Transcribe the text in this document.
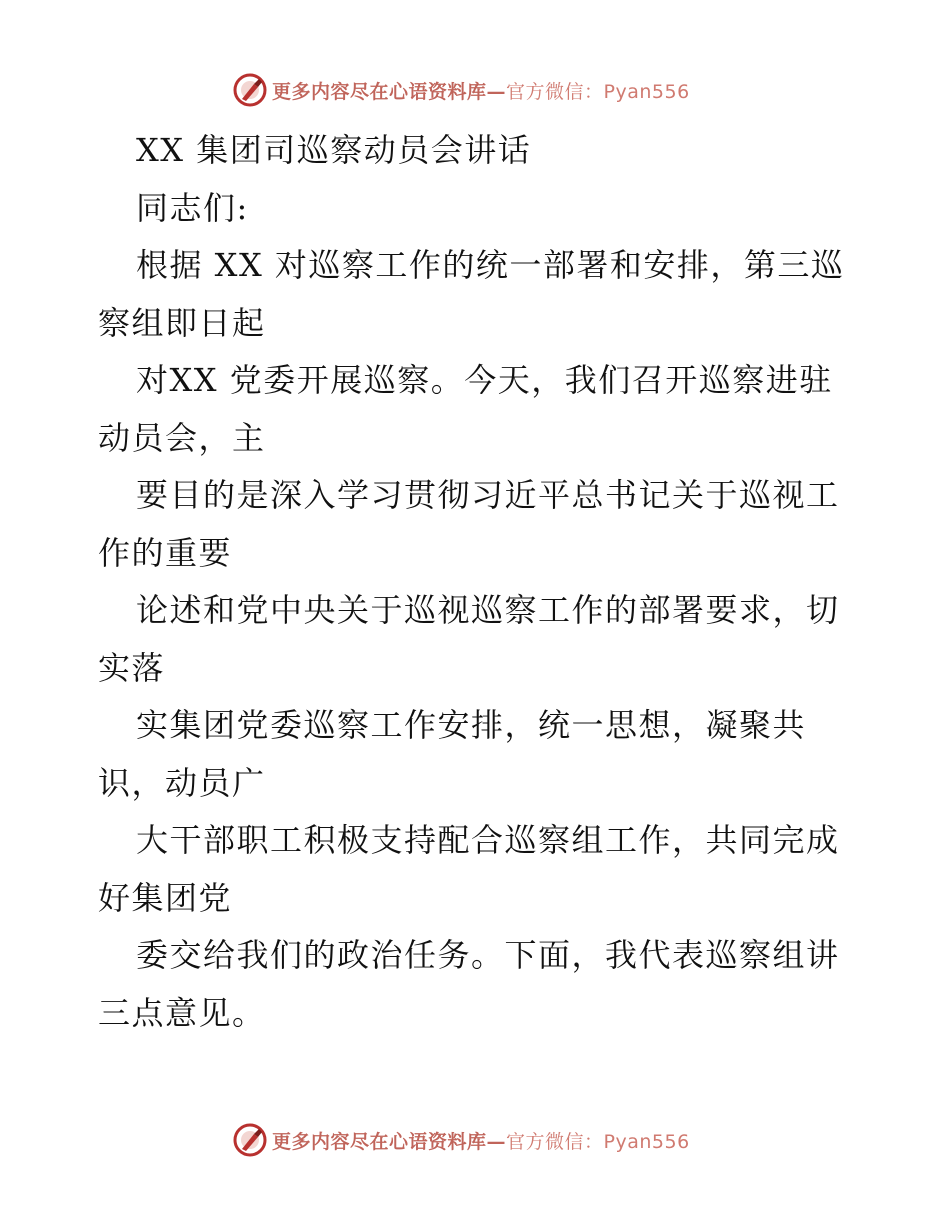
更多内容尽在心语资料库—官方微信：Pyan556
XX 集团司巡察动员会讲话
同志们:
根据 XX 对巡察工作的统一部署和安排，第三巡
察组即日起
对XX 党委开展巡察。今天，我们召开巡察进驻
动员会，主
要目的是深入学习贯彻习近平总书记关于巡视工
作的重要
论述和党中央关于巡视巡察工作的部署要求，切
实落
实集团党委巡察工作安排，统一思想，凝聚共
识，动员广
大干部职工积极支持配合巡察组工作，共同完成
好集团党
委交给我们的政治任务。下面，我代表巡察组讲
三点意见。
更多内容尽在心语资料库—官方微信：Pyan556
